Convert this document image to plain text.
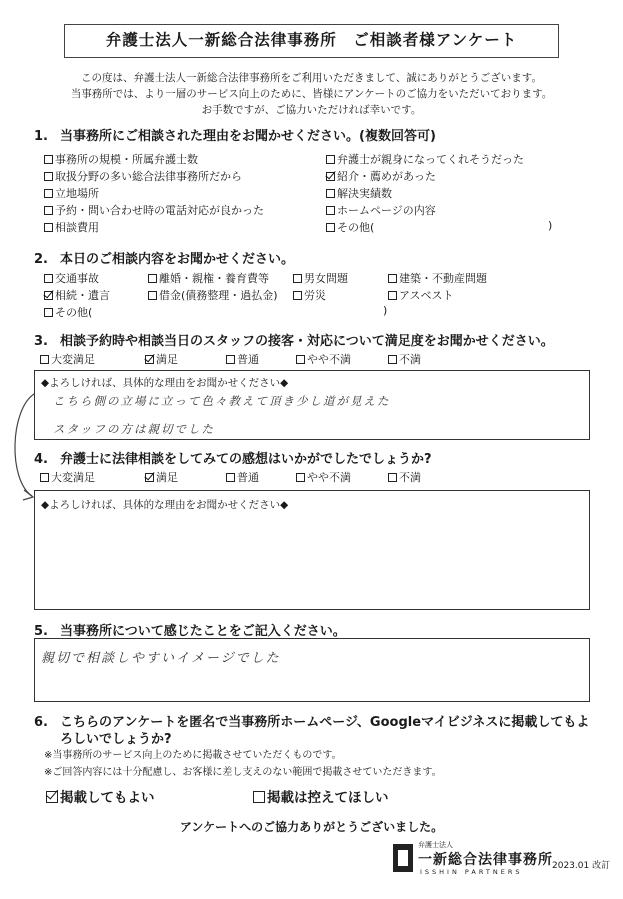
弁護士法人一新総合法律事務所　ご相談者様アンケート
この度は、弁護士法人一新総合法律事務所をご利用いただきまして、誠にありがとうございます。
当事務所では、より一層のサービス向上のために、皆様にアンケートのご協力をいただいております。
お手数ですが、ご協力いただければ幸いです。
1. 当事務所にご相談された理由をお聞かせください。(複数回答可)
事務所の規模・所属弁護士数
取扱分野の多い総合法律事務所だから
立地場所
予約・問い合わせ時の電話対応が良かった
相談費用
弁護士が親身になってくれそうだった
紹介・薦めがあった
解決実績数
ホームページの内容
その他(	)
2. 本日のご相談内容をお聞かせください。
交通事故	離婚・親権・養育費等	男女問題	建築・不動産問題
相続・遺言	借金(債務整理・過払金)	労災	アスベスト
その他(	)
3. 相談予約時や相談当日のスタッフの接客・対応について満足度をお聞かせください。
大変満足	満足	普通	やや不満	不満
◆よろしければ、具体的な理由をお聞かせください◆
こちら側の立場に立って色々教えて頂き少し道が見えた
スタッフの方は親切でした
4. 弁護士に法律相談をしてみての感想はいかがでしたでしょうか?
大変満足	満足	普通	やや不満	不満
◆よろしければ、具体的な理由をお聞かせください◆
5. 当事務所について感じたことをご記入ください。
親切で相談しやすいイメージでした
6. こちらのアンケートを匿名で当事務所ホームページ、Googleマイビジネスに掲載してもよ
ろしいでしょうか?
※当事務所のサービス向上のために掲載させていただくものです。
※ご回答内容には十分配慮し、お客様に差し支えのない範囲で掲載させていただきます。
掲載してもよい	掲載は控えてほしい
アンケートへのご協力ありがとうございました。
弁護士法人
一新総合法律事務所
ISSHIN PARTNERS
2023.01 改訂
